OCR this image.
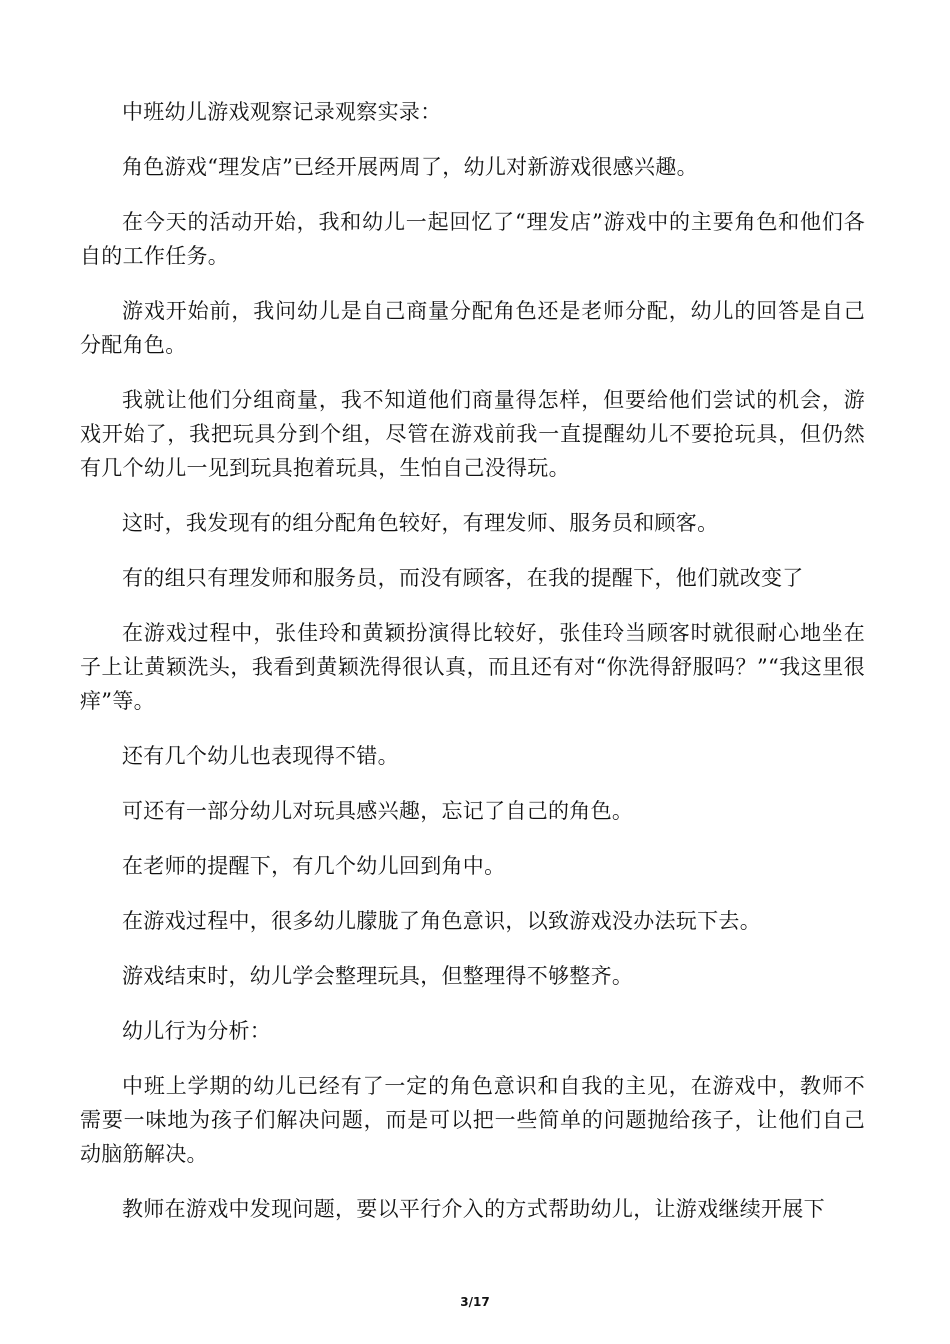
中班幼儿游戏观察记录观察实录：

角色游戏“理发店”已经开展两周了，幼儿对新游戏很感兴趣。

在今天的活动开始，我和幼儿一起回忆了“理发店”游戏中的主要角色和他们各自的工作任务。

游戏开始前，我问幼儿是自己商量分配角色还是老师分配，幼儿的回答是自己分配角色。

我就让他们分组商量，我不知道他们商量得怎样，但要给他们尝试的机会，游戏开始了，我把玩具分到个组，尽管在游戏前我一直提醒幼儿不要抢玩具，但仍然有几个幼儿一见到玩具抱着玩具，生怕自己没得玩。

这时，我发现有的组分配角色较好，有理发师、服务员和顾客。

有的组只有理发师和服务员，而没有顾客，在我的提醒下，他们就改变了

在游戏过程中，张佳玲和黄颖扮演得比较好，张佳玲当顾客时就很耐心地坐在子上让黄颖洗头，我看到黄颖洗得很认真，而且还有对“你洗得舒服吗？”“我这里很痒”等。

还有几个幼儿也表现得不错。

可还有一部分幼儿对玩具感兴趣，忘记了自己的角色。

在老师的提醒下，有几个幼儿回到角中。

在游戏过程中，很多幼儿朦胧了角色意识，以致游戏没办法玩下去。

游戏结束时，幼儿学会整理玩具，但整理得不够整齐。

幼儿行为分析：

中班上学期的幼儿已经有了一定的角色意识和自我的主见，在游戏中，教师不需要一味地为孩子们解决问题，而是可以把一些简单的问题抛给孩子，让他们自己动脑筋解决。

教师在游戏中发现问题，要以平行介入的方式帮助幼儿，让游戏继续开展下

3/17
